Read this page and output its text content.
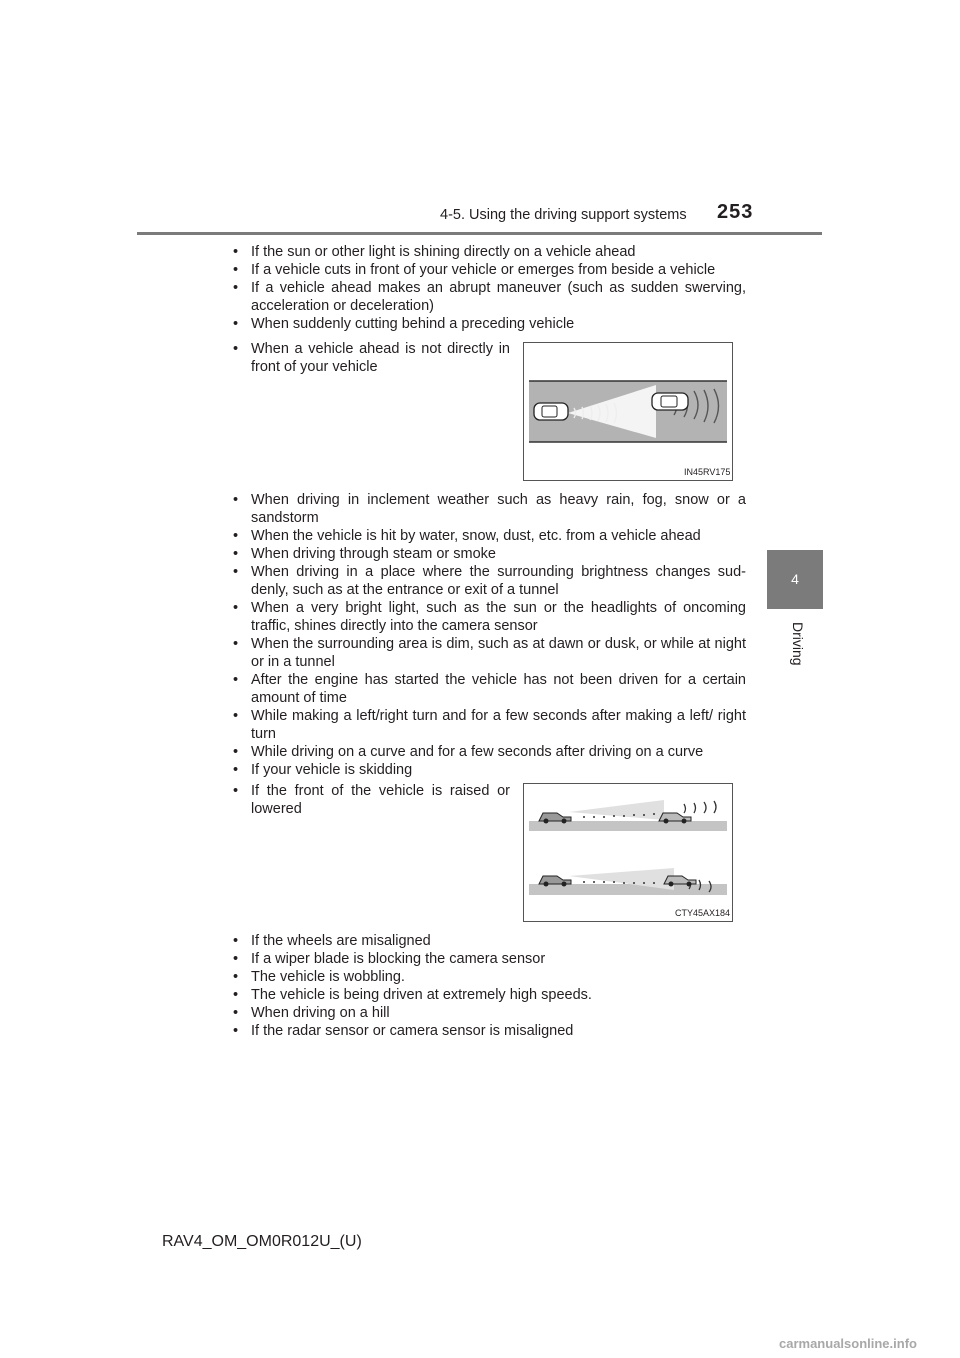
4-5. Using the driving support systems 253
4
Driving
• If the sun or other light is shining directly on a vehicle ahead
• If a vehicle cuts in front of your vehicle or emerges from beside a vehicle
• If a vehicle ahead makes an abrupt maneuver (such as sudden swerving, acceleration or deceleration)
• When suddenly cutting behind a preceding vehicle
• When a vehicle ahead is not directly in front of your vehicle
IN45RV175
• When driving in inclement weather such as heavy rain, fog, snow or a sandstorm
• When the vehicle is hit by water, snow, dust, etc. from a vehicle ahead
• When driving through steam or smoke
• When driving in a place where the surrounding brightness changes sud-denly, such as at the entrance or exit of a tunnel
• When a very bright light, such as the sun or the headlights of oncoming traffic, shines directly into the camera sensor
• When the surrounding area is dim, such as at dawn or dusk, or while at night or in a tunnel
• After the engine has started the vehicle has not been driven for a certain amount of time
• While making a left/right turn and for a few seconds after making a left/ right turn
• While driving on a curve and for a few seconds after driving on a curve
• If your vehicle is skidding
• If the front of the vehicle is raised or lowered
CTY45AX184
• If the wheels are misaligned
• If a wiper blade is blocking the camera sensor
• The vehicle is wobbling.
• The vehicle is being driven at extremely high speeds.
• When driving on a hill
• If the radar sensor or camera sensor is misaligned
RAV4_OM_OM0R012U_(U)
carmanualsonline.info
